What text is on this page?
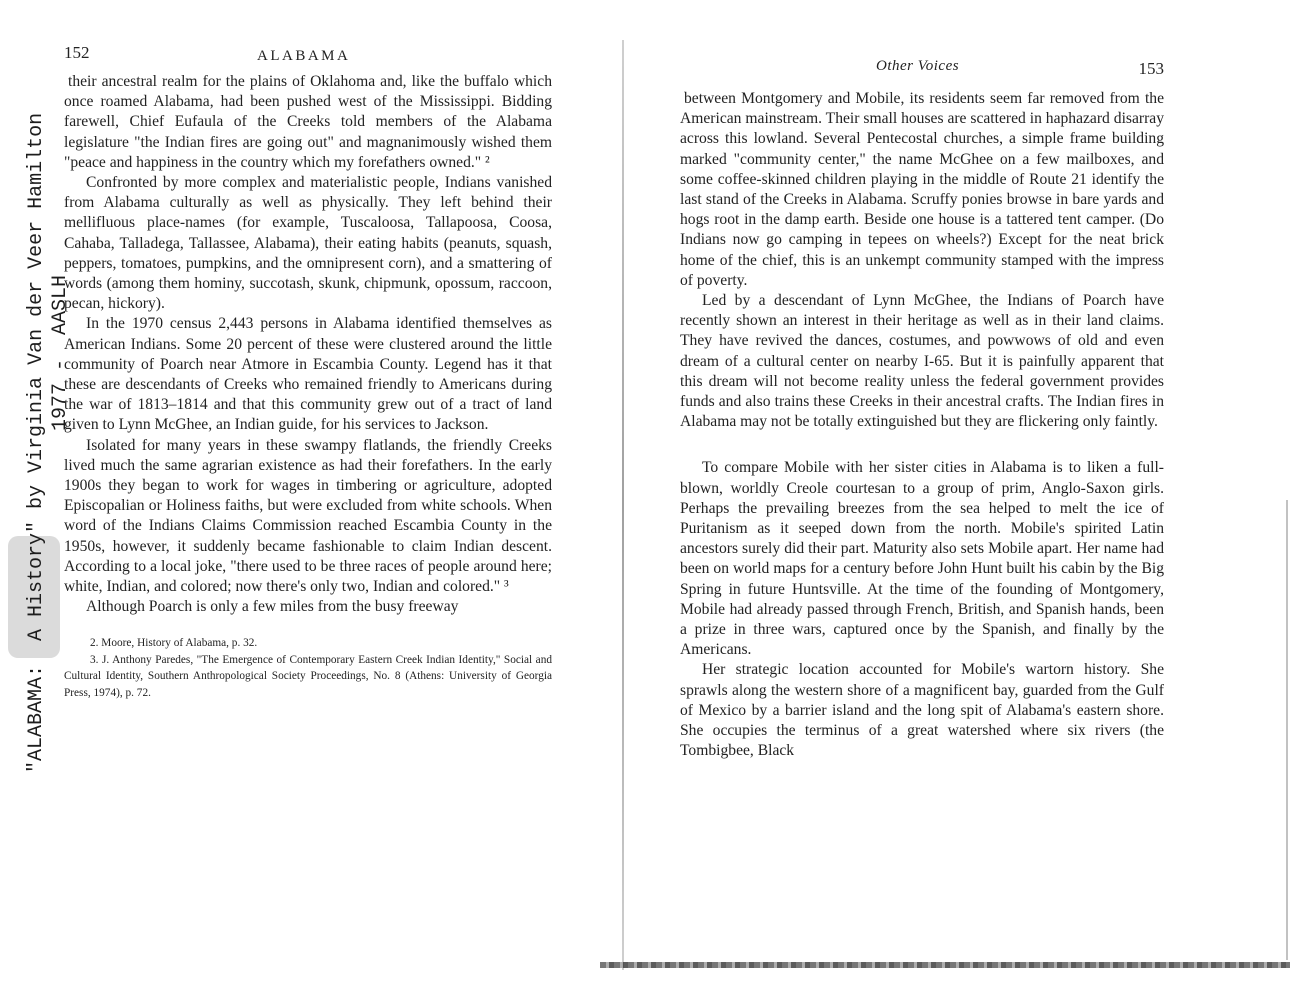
"ALABAMA:  A History" by Virginia Van der Veer Hamilton 1977 -  AASLH
152	ALABAMA

their ancestral realm for the plains of Oklahoma and, like the buffalo which once roamed Alabama, had been pushed west of the Mississippi. Bidding farewell, Chief Eufaula of the Creeks told members of the Alabama legislature "the Indian fires are going out" and magnanimously wished them "peace and happiness in the country which my forefathers owned." ²

Confronted by more complex and materialistic people, Indians vanished from Alabama culturally as well as physically. They left behind their mellifluous place-names (for example, Tuscaloosa, Tallapoosa, Coosa, Cahaba, Talladega, Tallassee, Alabama), their eating habits (peanuts, squash, peppers, tomatoes, pumpkins, and the omnipresent corn), and a smattering of words (among them hominy, succotash, skunk, chipmunk, opossum, raccoon, pecan, hickory).

In the 1970 census 2,443 persons in Alabama identified themselves as American Indians. Some 20 percent of these were clustered around the little community of Poarch near Atmore in Escambia County. Legend has it that these are descendants of Creeks who remained friendly to Americans during the war of 1813–1814 and that this community grew out of a tract of land given to Lynn McGhee, an Indian guide, for his services to Jackson.

Isolated for many years in these swampy flatlands, the friendly Creeks lived much the same agrarian existence as had their forefathers. In the early 1900s they began to work for wages in timbering or agriculture, adopted Episcopalian or Holiness faiths, but were excluded from white schools. When word of the Indians Claims Commission reached Escambia County in the 1950s, however, it suddenly became fashionable to claim Indian descent. According to a local joke, "there used to be three races of people around here; white, Indian, and colored; now there's only two, Indian and colored." ³

Although Poarch is only a few miles from the busy freeway

2. Moore, History of Alabama, p. 32.

3. J. Anthony Paredes, "The Emergence of Contemporary Eastern Creek Indian Identity," Social and Cultural Identity, Southern Anthropological Society Proceedings, No. 8 (Athens: University of Georgia Press, 1974), p. 72.

Other Voices	153

between Montgomery and Mobile, its residents seem far removed from the American mainstream. Their small houses are scattered in haphazard disarray across this lowland. Several Pentecostal churches, a simple frame building marked "community center," the name McGhee on a few mailboxes, and some coffee-skinned children playing in the middle of Route 21 identify the last stand of the Creeks in Alabama. Scruffy ponies browse in bare yards and hogs root in the damp earth. Beside one house is a tattered tent camper. (Do Indians now go camping in tepees on wheels?) Except for the neat brick home of the chief, this is an unkempt community stamped with the impress of poverty.

Led by a descendant of Lynn McGhee, the Indians of Poarch have recently shown an interest in their heritage as well as in their land claims. They have revived the dances, costumes, and powwows of old and even dream of a cultural center on nearby I-65. But it is painfully apparent that this dream will not become reality unless the federal government provides funds and also trains these Creeks in their ancestral crafts. The Indian fires in Alabama may not be totally extinguished but they are flickering only faintly.

To compare Mobile with her sister cities in Alabama is to liken a full-blown, worldly Creole courtesan to a group of prim, Anglo-Saxon girls. Perhaps the prevailing breezes from the sea helped to melt the ice of Puritanism as it seeped down from the north. Mobile's spirited Latin ancestors surely did their part. Maturity also sets Mobile apart. Her name had been on world maps for a century before John Hunt built his cabin by the Big Spring in future Huntsville. At the time of the founding of Montgomery, Mobile had already passed through French, British, and Spanish hands, been a prize in three wars, captured once by the Spanish, and finally by the Americans.

Her strategic location accounted for Mobile's wartorn history. She sprawls along the western shore of a magnificent bay, guarded from the Gulf of Mexico by a barrier island and the long spit of Alabama's eastern shore. She occupies the terminus of a great watershed where six rivers (the Tombigbee, Black
